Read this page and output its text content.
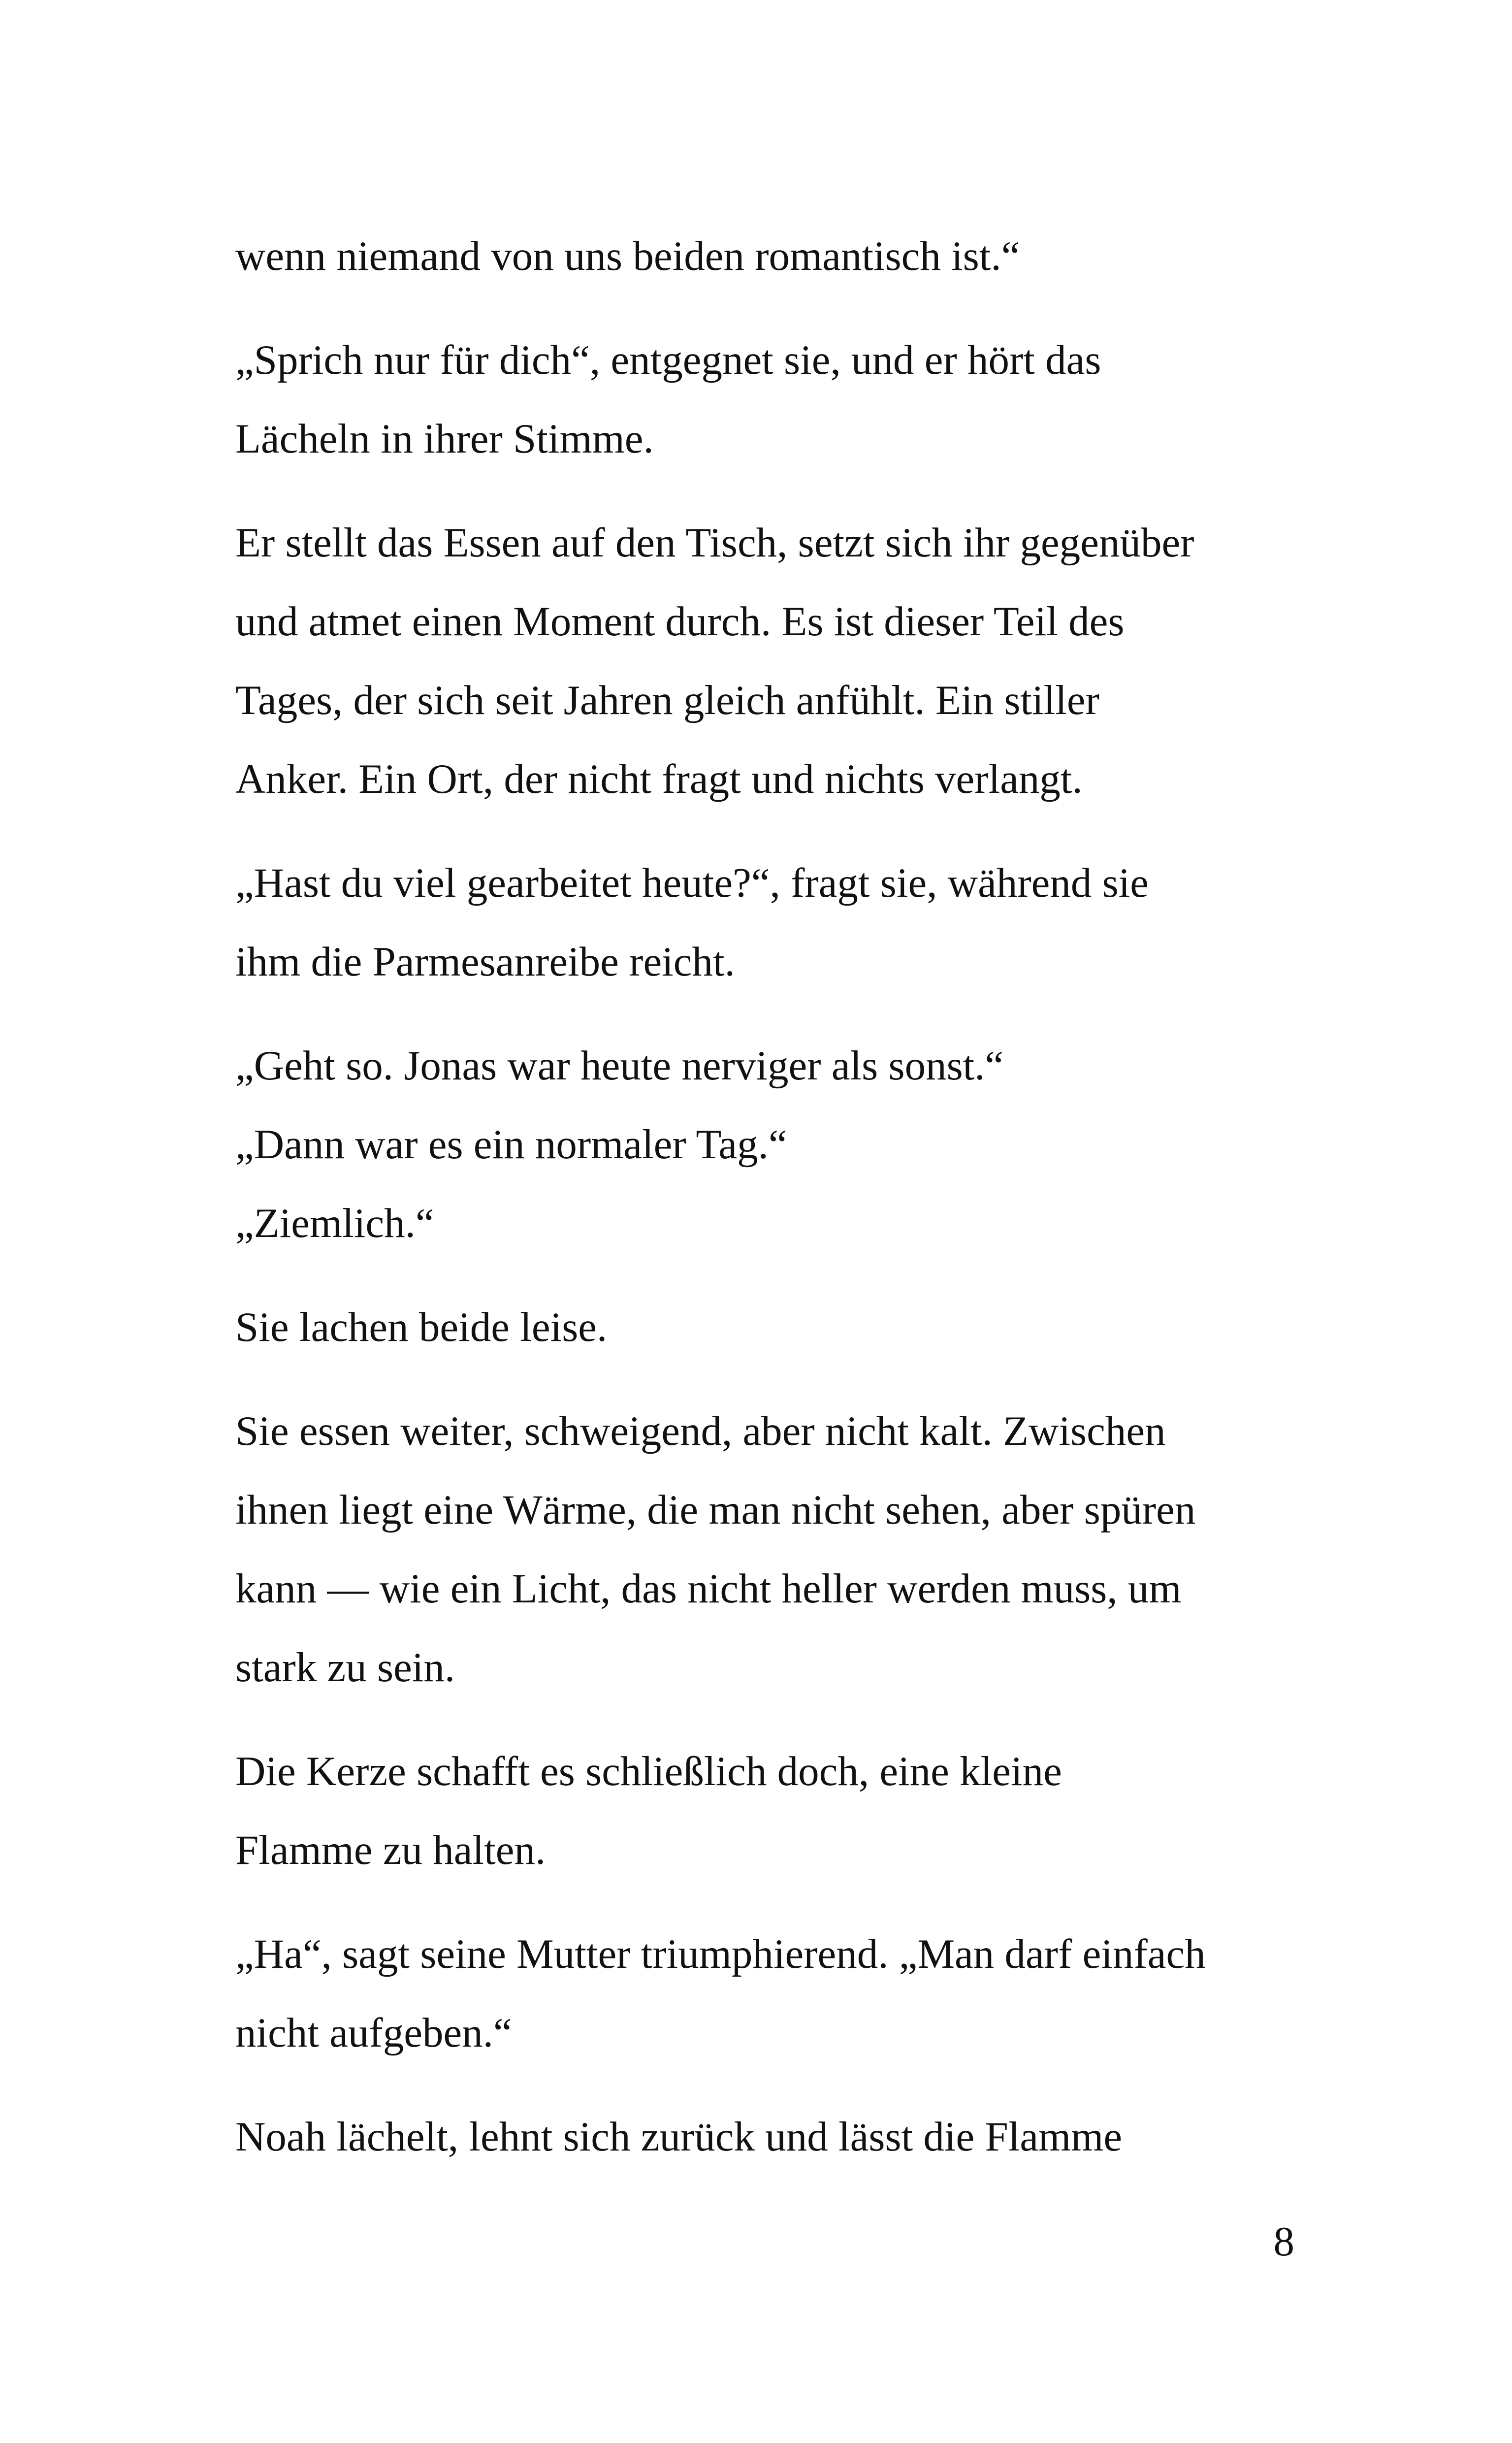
wenn niemand von uns beiden romantisch ist.“

„Sprich nur für dich“, entgegnet sie, und er hört das
Lächeln in ihrer Stimme.

Er stellt das Essen auf den Tisch, setzt sich ihr gegenüber
und atmet einen Moment durch. Es ist dieser Teil des
Tages, der sich seit Jahren gleich anfühlt. Ein stiller
Anker. Ein Ort, der nicht fragt und nichts verlangt.

„Hast du viel gearbeitet heute?“, fragt sie, während sie
ihm die Parmesanreibe reicht.

„Geht so. Jonas war heute nerviger als sonst.“
„Dann war es ein normaler Tag.“
„Ziemlich.“

Sie lachen beide leise.

Sie essen weiter, schweigend, aber nicht kalt. Zwischen
ihnen liegt eine Wärme, die man nicht sehen, aber spüren
kann — wie ein Licht, das nicht heller werden muss, um
stark zu sein.

Die Kerze schafft es schließlich doch, eine kleine
Flamme zu halten.

„Ha“, sagt seine Mutter triumphierend. „Man darf einfach
nicht aufgeben.“

Noah lächelt, lehnt sich zurück und lässt die Flamme

8
